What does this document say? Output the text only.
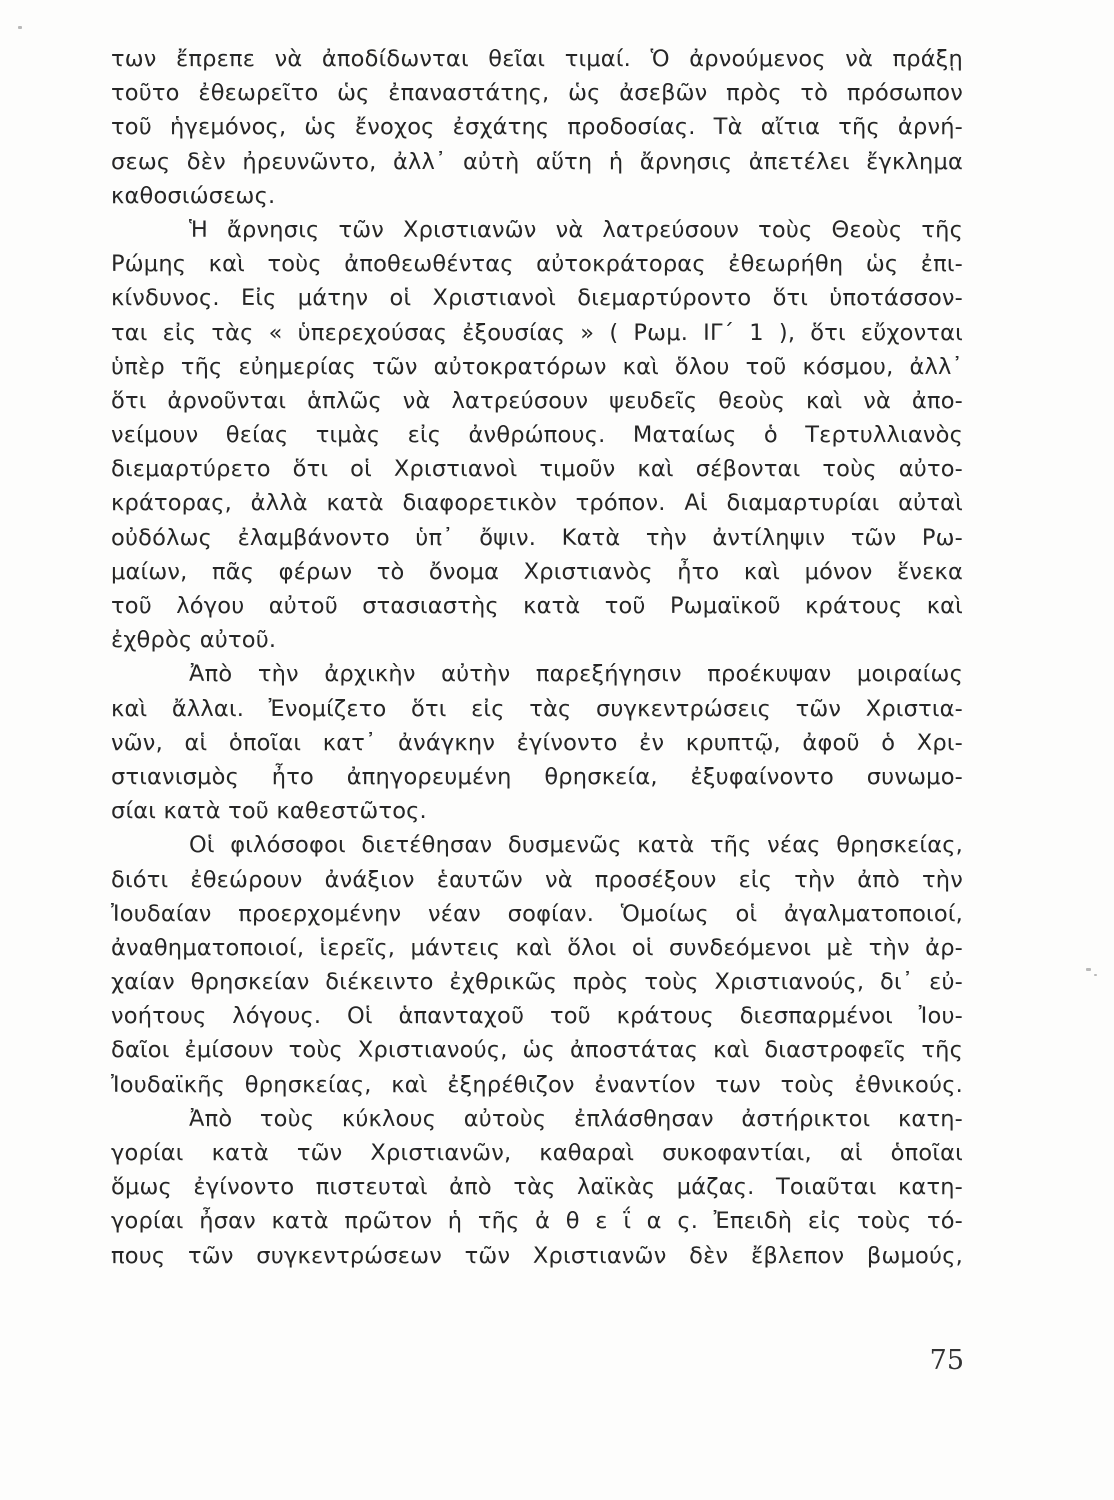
των ἔπρεπε νὰ ἀποδίδωνται θεῖαι τιμαί. Ὁ ἀρνούμενος νὰ πράξῃ
τοῦτο ἐθεωρεῖτο ὡς ἐπαναστάτης, ὡς ἀσεβῶν πρὸς τὸ πρόσωπον
τοῦ ἡγεμόνος, ὡς ἔνοχος ἐσχάτης προδοσίας. Τὰ αἴτια τῆς ἀρνή-
σεως δὲν ἠρευνῶντο, ἀλλ᾽ αὐτὴ αὕτη ἡ ἄρνησις ἀπετέλει ἔγκλημα
καθοσιώσεως.
Ἡ ἄρνησις τῶν Χριστιανῶν νὰ λατρεύσουν τοὺς Θεοὺς τῆς
Ρώμης καὶ τοὺς ἀποθεωθέντας αὐτοκράτορας ἐθεωρήθη ὡς ἐπι-
κίνδυνος. Εἰς μάτην οἱ Χριστιανοὶ διεμαρτύροντο ὅτι ὑποτάσσον-
ται εἰς τὰς « ὑπερεχούσας ἐξουσίας » ( Ρωμ. ΙΓ΄ 1 ), ὅτι εὔχονται
ὑπὲρ τῆς εὐημερίας τῶν αὐτοκρατόρων καὶ ὅλου τοῦ κόσμου, ἀλλ᾽
ὅτι ἀρνοῦνται ἁπλῶς νὰ λατρεύσουν ψευδεῖς θεοὺς καὶ νὰ ἀπο-
νείμουν θείας τιμὰς εἰς ἀνθρώπους. Ματαίως ὁ Τερτυλλιανὸς
διεμαρτύρετο ὅτι οἱ Χριστιανοὶ τιμοῦν καὶ σέβονται τοὺς αὐτο-
κράτορας, ἀλλὰ κατὰ διαφορετικὸν τρόπον. Αἱ διαμαρτυρίαι αὐταὶ
οὐδόλως ἐλαμβάνοντο ὑπ᾽ ὄψιν. Κατὰ τὴν ἀντίληψιν τῶν Ρω-
μαίων, πᾶς φέρων τὸ ὄνομα Χριστιανὸς ἦτο καὶ μόνον ἕνεκα
τοῦ λόγου αὐτοῦ στασιαστὴς κατὰ τοῦ Ρωμαϊκοῦ κράτους καὶ
ἐχθρὸς αὐτοῦ.
Ἀπὸ τὴν ἀρχικὴν αὐτὴν παρεξήγησιν προέκυψαν μοιραίως
καὶ ἄλλαι. Ἐνομίζετο ὅτι εἰς τὰς συγκεντρώσεις τῶν Χριστια-
νῶν, αἱ ὁποῖαι κατ᾽ ἀνάγκην ἐγίνοντο ἐν κρυπτῷ, ἀφοῦ ὁ Χρι-
στιανισμὸς ἦτο ἀπηγορευμένη θρησκεία, ἐξυφαίνοντο συνωμο-
σίαι κατὰ τοῦ καθεστῶτος.
Οἱ φιλόσοφοι διετέθησαν δυσμενῶς κατὰ τῆς νέας θρησκείας,
διότι ἐθεώρουν ἀνάξιον ἑαυτῶν νὰ προσέξουν εἰς τὴν ἀπὸ τὴν
Ἰουδαίαν προερχομένην νέαν σοφίαν. Ὁμοίως οἱ ἀγαλματοποιοί,
ἀναθηματοποιοί, ἱερεῖς, μάντεις καὶ ὅλοι οἱ συνδεόμενοι μὲ τὴν ἀρ-
χαίαν θρησκείαν διέκειντο ἐχθρικῶς πρὸς τοὺς Χριστιανούς, δι᾽ εὐ-
νοήτους λόγους. Οἱ ἁπανταχοῦ τοῦ κράτους διεσπαρμένοι Ἰου-
δαῖοι ἐμίσουν τοὺς Χριστιανούς, ὡς ἀποστάτας καὶ διαστροφεῖς τῆς
Ἰουδαϊκῆς θρησκείας, καὶ ἐξηρέθιζον ἐναντίον των τοὺς ἐθνικούς.
Ἀπὸ τοὺς κύκλους αὐτοὺς ἐπλάσθησαν ἀστήρικτοι κατη-
γορίαι κατὰ τῶν Χριστιανῶν, καθαραὶ συκοφαντίαι, αἱ ὁποῖαι
ὅμως ἐγίνοντο πιστευταὶ ἀπὸ τὰς λαϊκὰς μάζας. Τοιαῦται κατη-
γορίαι ἦσαν κατὰ πρῶτον ἡ τῆς ἀ θ ε ΐ α ς. Ἐπειδὴ εἰς τοὺς τό-
πους τῶν συγκεντρώσεων τῶν Χριστιανῶν δὲν ἔβλεπον βωμούς,
75
